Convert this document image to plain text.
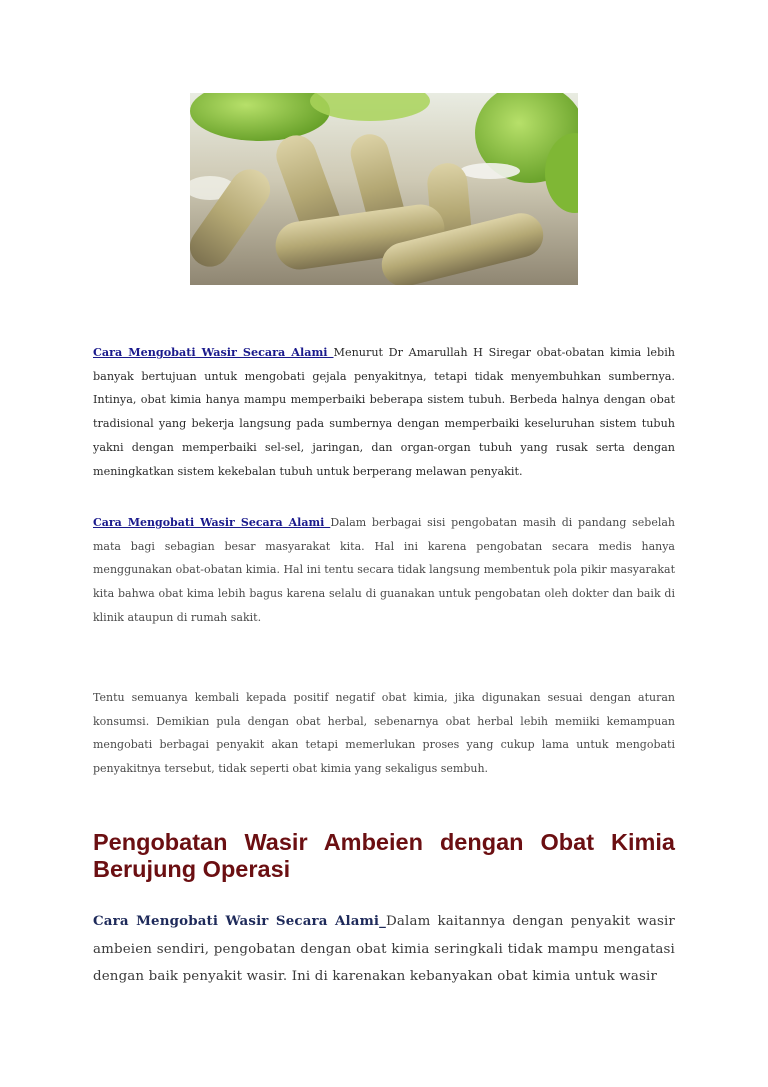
Cara Mengobati Wasir Secara Alami Menurut Dr Amarullah H Siregar obat-obatan kimia lebih banyak bertujuan untuk mengobati gejala penyakitnya, tetapi tidak menyembuhkan sumbernya. Intinya, obat kimia hanya mampu memperbaiki beberapa sistem tubuh. Berbeda halnya dengan obat tradisional yang bekerja langsung pada sumbernya dengan memperbaiki keseluruhan sistem tubuh yakni dengan memperbaiki sel-sel, jaringan, dan organ-organ tubuh yang rusak serta dengan meningkatkan sistem kekebalan tubuh untuk berperang melawan penyakit.

Cara Mengobati Wasir Secara Alami Dalam berbagai sisi pengobatan masih di pandang sebelah mata bagi sebagian besar masyarakat kita. Hal ini karena pengobatan secara medis hanya menggunakan obat-obatan kimia. Hal ini tentu secara tidak langsung membentuk pola pikir masyarakat kita bahwa obat kima lebih bagus karena selalu di guanakan untuk pengobatan oleh dokter dan baik di klinik ataupun di rumah sakit.

Tentu semuanya kembali kepada positif negatif obat kimia, jika digunakan sesuai dengan aturan konsumsi. Demikian pula dengan obat herbal, sebenarnya obat herbal lebih memiiki kemampuan mengobati berbagai penyakit akan tetapi memerlukan proses yang cukup lama untuk mengobati penyakitnya tersebut, tidak seperti obat kimia yang sekaligus sembuh.

Pengobatan Wasir Ambeien dengan Obat Kimia Berujung Operasi

Cara Mengobati Wasir Secara Alami_Dalam kaitannya dengan penyakit wasir ambeien sendiri, pengobatan dengan obat kimia seringkali tidak mampu mengatasi dengan baik penyakit wasir. Ini di karenakan kebanyakan obat kimia untuk wasir
